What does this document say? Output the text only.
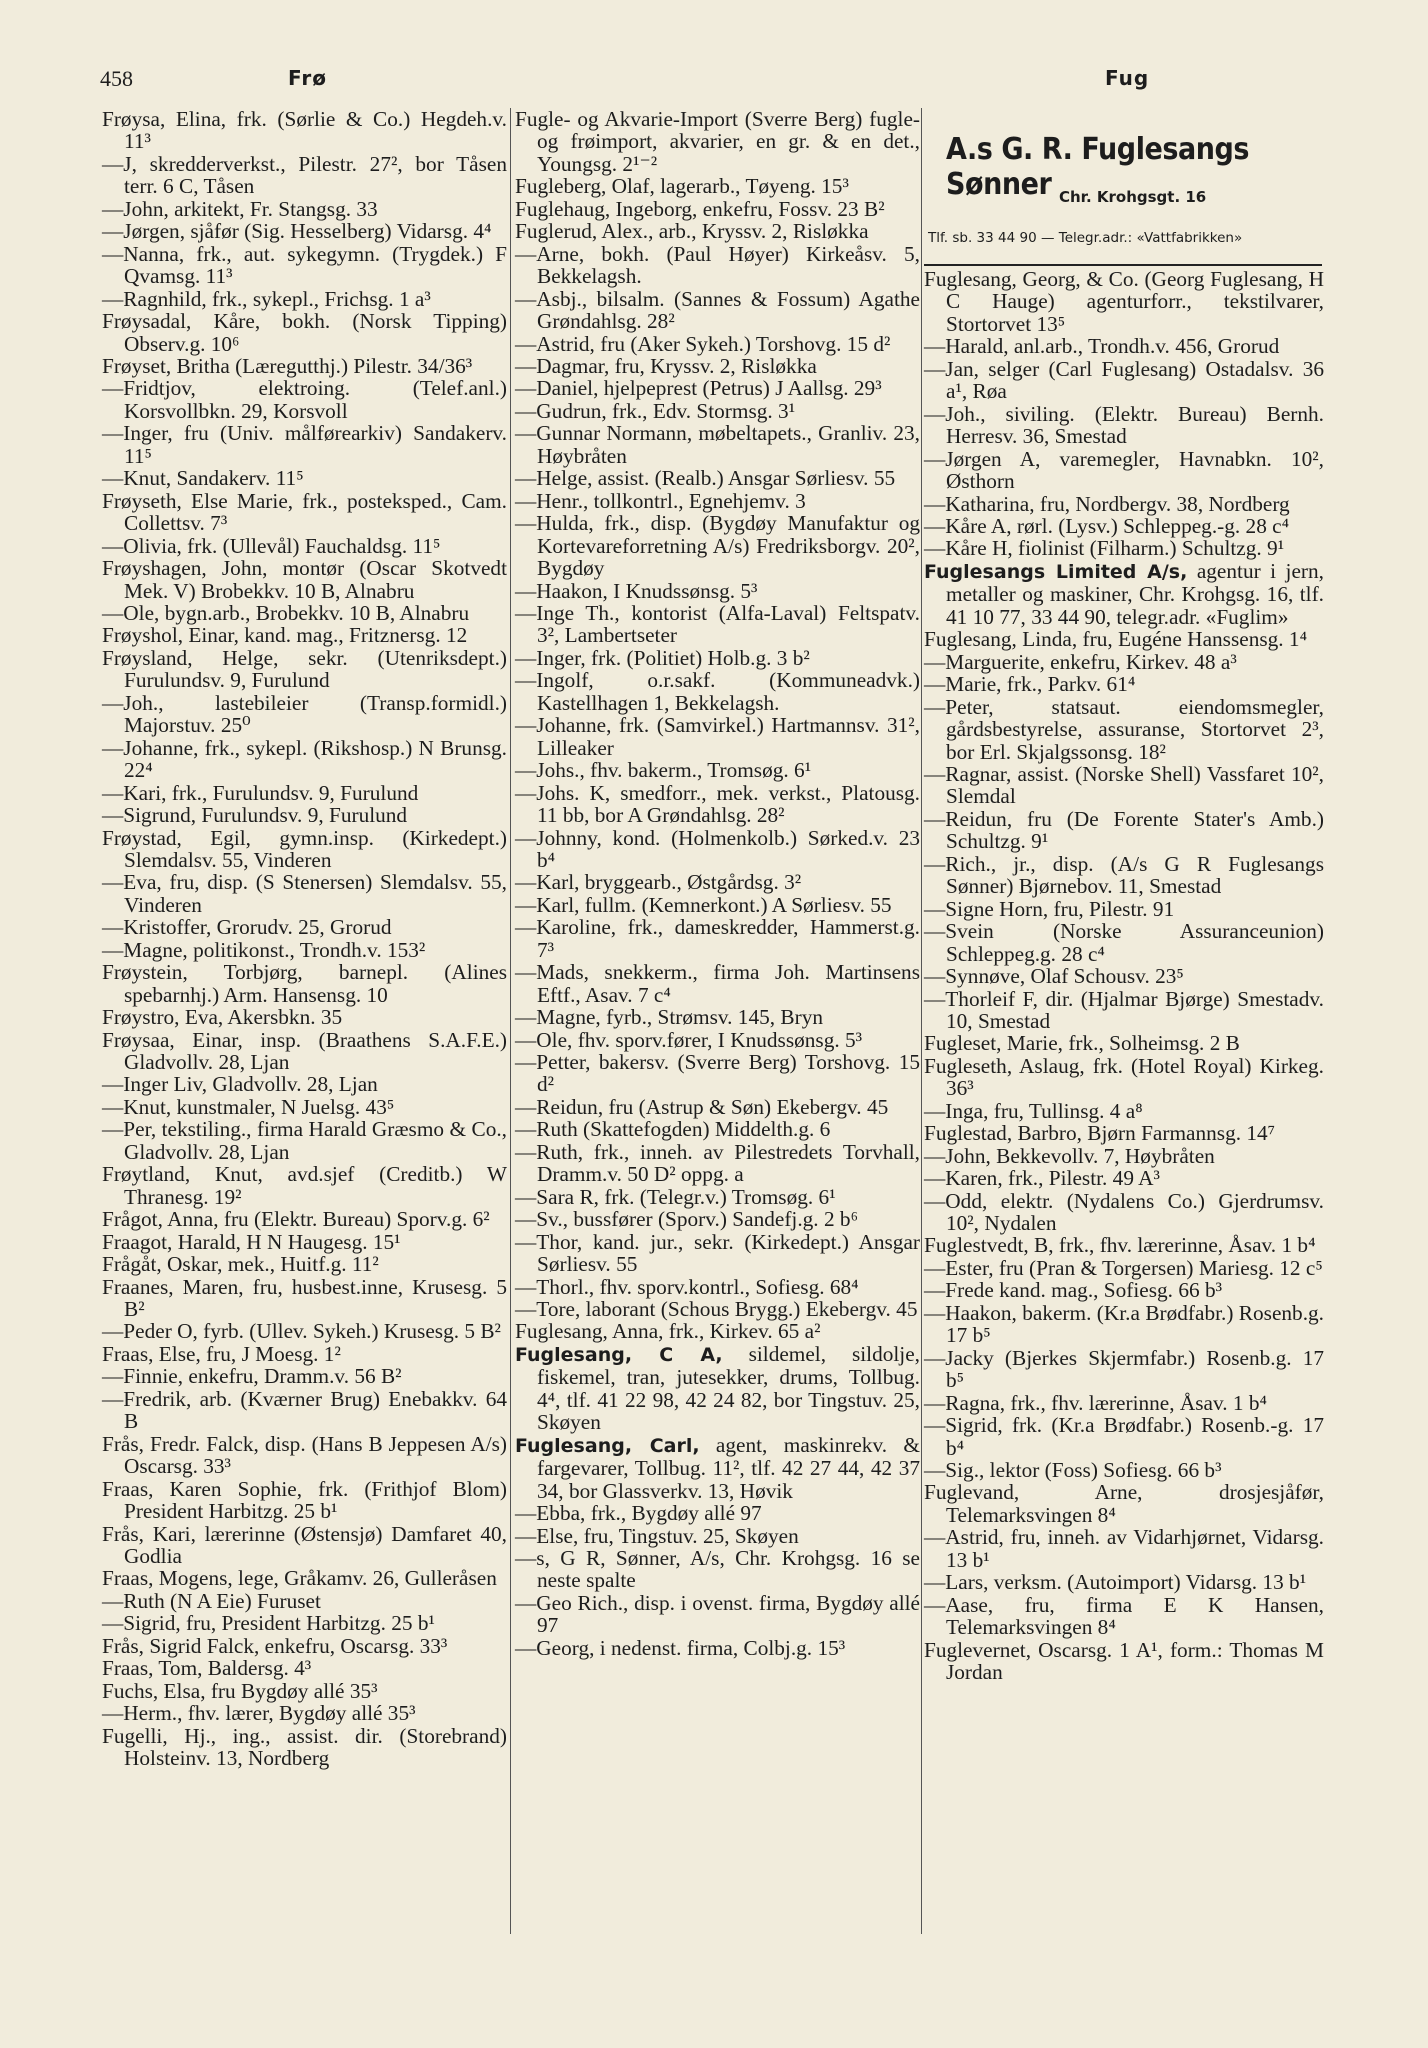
458	Frø	Fug
Frøysa, Elina, frk. (Sørlie & Co.) Hegdeh.v. 11³
—J, skredderverkst., Pilestr. 27², bor Tåsen terr. 6 C, Tåsen
—John, arkitekt, Fr. Stangsg. 33
—Jørgen, sjåfør (Sig. Hesselberg) Vidarsg. 4⁴
—Nanna, frk., aut. sykegymn. (Trygdek.) F Qvamsg. 11³
—Ragnhild, frk., sykepl., Frichsg. 1 a³
Frøysadal, Kåre, bokh. (Norsk Tipping) Observ.g. 10⁶
Frøyset, Britha (Læregutthj.) Pilestr. 34/36³
—Fridtjov, elektroing. (Telef.anl.) Korsvollbkn. 29, Korsvoll
—Inger, fru (Univ. målførearkiv) Sandakerv. 11⁵
—Knut, Sandakerv. 11⁵
Frøyseth, Else Marie, frk., posteksped., Cam. Collettsv. 7³
—Olivia, frk. (Ullevål) Fauchaldsg. 11⁵
Frøyshagen, John, montør (Oscar Skotvedt Mek. V) Brobekkv. 10 B, Alnabru
—Ole, bygn.arb., Brobekkv. 10 B, Alnabru
Frøyshol, Einar, kand. mag., Fritznersg. 12
Frøysland, Helge, sekr. (Utenriksdept.) Furulundsv. 9, Furulund
—Joh., lastebileier (Transp.formidl.) Majorstuv. 25⁰
—Johanne, frk., sykepl. (Rikshosp.) N Brunsg. 22⁴
—Kari, frk., Furulundsv. 9, Furulund
—Sigrund, Furulundsv. 9, Furulund
Frøystad, Egil, gymn.insp. (Kirkedept.) Slemdalsv. 55, Vinderen
—Eva, fru, disp. (S Stenersen) Slemdalsv. 55, Vinderen
—Kristoffer, Grorudv. 25, Grorud
—Magne, politikonst., Trondh.v. 153²
Frøystein, Torbjørg, barnepl. (Alines spebarnhj.) Arm. Hansensg. 10
Frøystro, Eva, Akersbkn. 35
Frøysaa, Einar, insp. (Braathens S.A.F.E.) Gladvollv. 28, Ljan
—Inger Liv, Gladvollv. 28, Ljan
—Knut, kunstmaler, N Juelsg. 43⁵
—Per, tekstiling., firma Harald Græsmo & Co., Gladvollv. 28, Ljan
Frøytland, Knut, avd.sjef (Creditb.) W Thranesg. 19²
Frågot, Anna, fru (Elektr. Bureau) Sporv.g. 6²
Fraagot, Harald, H N Haugesg. 15¹
Frågåt, Oskar, mek., Huitf.g. 11²
Fraanes, Maren, fru, husbest.inne, Krusesg. 5 B²
—Peder O, fyrb. (Ullev. Sykeh.) Krusesg. 5 B²
Fraas, Else, fru, J Moesg. 1²
—Finnie, enkefru, Dramm.v. 56 B²
—Fredrik, arb. (Kværner Brug) Enebakkv. 64 B
Frås, Fredr. Falck, disp. (Hans B Jeppesen A/s) Oscarsg. 33³
Fraas, Karen Sophie, frk. (Frithjof Blom) President Harbitzg. 25 b¹
Frås, Kari, lærerinne (Østensjø) Damfaret 40, Godlia
Fraas, Mogens, lege, Gråkamv. 26, Gulleråsen
—Ruth (N A Eie) Furuset
—Sigrid, fru, President Harbitzg. 25 b¹
Frås, Sigrid Falck, enkefru, Oscarsg. 33³
Fraas, Tom, Baldersg. 4³
Fuchs, Elsa, fru Bygdøy allé 35³
—Herm., fhv. lærer, Bygdøy allé 35³
Fugelli, Hj., ing., assist. dir. (Storebrand) Holsteinv. 13, Nordberg
Fugle- og Akvarie-Import (Sverre Berg) fugle- og frøimport, akvarier, en gr. & en det., Youngsg. 2¹⁻²
Fugleberg, Olaf, lagerarb., Tøyeng. 15³
Fuglehaug, Ingeborg, enkefru, Fossv. 23 B²
Fuglerud, Alex., arb., Kryssv. 2, Risløkka
—Arne, bokh. (Paul Høyer) Kirkeåsv. 5, Bekkelagsh.
—Asbj., bilsalm. (Sannes & Fossum) Agathe Grøndahlsg. 28²
—Astrid, fru (Aker Sykeh.) Torshovg. 15 d²
—Dagmar, fru, Kryssv. 2, Risløkka
—Daniel, hjelpeprest (Petrus) J Aallsg. 29³
—Gudrun, frk., Edv. Stormsg. 3¹
—Gunnar Normann, møbeltapets., Granliv. 23, Høybråten
—Helge, assist. (Realb.) Ansgar Sørliesv. 55
—Henr., tollkontrl., Egnehjemv. 3
—Hulda, frk., disp. (Bygdøy Manufaktur og Kortevareforretning A/s) Fredriksborgv. 20², Bygdøy
—Haakon, I Knudssønsg. 5³
—Inge Th., kontorist (Alfa-Laval) Feltspatv. 3², Lambertseter
—Inger, frk. (Politiet) Holb.g. 3 b²
—Ingolf, o.r.sakf. (Kommuneadvk.) Kastellhagen 1, Bekkelagsh.
—Johanne, frk. (Samvirkel.) Hartmannsv. 31², Lilleaker
—Johs., fhv. bakerm., Tromsøg. 6¹
—Johs. K, smedforr., mek. verkst., Platousg. 11 bb, bor A Grøndahlsg. 28²
—Johnny, kond. (Holmenkolb.) Sørked.v. 23 b⁴
—Karl, bryggearb., Østgårdsg. 3²
—Karl, fullm. (Kemnerkont.) A Sørliesv. 55
—Karoline, frk., dameskredder, Hammerst.g. 7³
—Mads, snekkerm., firma Joh. Martinsens Eftf., Asav. 7 c⁴
—Magne, fyrb., Strømsv. 145, Bryn
—Ole, fhv. sporv.fører, I Knudssønsg. 5³
—Petter, bakersv. (Sverre Berg) Torshovg. 15 d²
—Reidun, fru (Astrup & Søn) Ekebergv. 45
—Ruth (Skattefogden) Middelth.g. 6
—Ruth, frk., inneh. av Pilestredets Torvhall, Dramm.v. 50 D² oppg. a
—Sara R, frk. (Telegr.v.) Tromsøg. 6¹
—Sv., bussfører (Sporv.) Sandefj.g. 2 b⁶
—Thor, kand. jur., sekr. (Kirkedept.) Ansgar Sørliesv. 55
—Thorl., fhv. sporv.kontrl., Sofiesg. 68⁴
—Tore, laborant (Schous Brygg.) Ekebergv. 45
Fuglesang, Anna, frk., Kirkev. 65 a²
Fuglesang, C A, sildemel, sildolje, fiskemel, tran, jutesekker, drums, Tollbug. 4⁴, tlf. 41 22 98, 42 24 82, bor Tingstuv. 25, Skøyen
Fuglesang, Carl, agent, maskinrekv. & fargevarer, Tollbug. 11², tlf. 42 27 44, 42 37 34, bor Glassverkv. 13, Høvik
—Ebba, frk., Bygdøy allé 97
—Else, fru, Tingstuv. 25, Skøyen
—s, G R, Sønner, A/s, Chr. Krohgsg. 16 se neste spalte
—Geo Rich., disp. i ovenst. firma, Bygdøy allé 97
—Georg, i nedenst. firma, Colbj.g. 15³
A.s G. R. Fuglesangs Sønner Chr. Krohgsgt. 16
Tlf. sb. 33 44 90 — Telegr.adr.: «Vattfabrikken»
Fuglesang, Georg, & Co. (Georg Fuglesang, H C Hauge) agenturforr., tekstilvarer, Stortorvet 13⁵
—Harald, anl.arb., Trondh.v. 456, Grorud
—Jan, selger (Carl Fuglesang) Ostadalsv. 36 a¹, Røa
—Joh., siviling. (Elektr. Bureau) Bernh. Herresv. 36, Smestad
—Jørgen A, varemegler, Havnabkn. 10², Østhorn
—Katharina, fru, Nordbergv. 38, Nordberg
—Kåre A, rørl. (Lysv.) Schleppeg.-g. 28 c⁴
—Kåre H, fiolinist (Filharm.) Schultzg. 9¹
Fuglesangs Limited A/s, agentur i jern, metaller og maskiner, Chr. Krohgsg. 16, tlf. 41 10 77, 33 44 90, telegr.adr. «Fuglim»
Fuglesang, Linda, fru, Eugéne Hanssensg. 1⁴
—Marguerite, enkefru, Kirkev. 48 a³
—Marie, frk., Parkv. 61⁴
—Peter, statsaut. eiendomsmegler, gårdsbestyrelse, assuranse, Stortorvet 2³, bor Erl. Skjalgssonsg. 18²
—Ragnar, assist. (Norske Shell) Vassfaret 10², Slemdal
—Reidun, fru (De Forente Stater's Amb.) Schultzg. 9¹
—Rich., jr., disp. (A/s G R Fuglesangs Sønner) Bjørnebov. 11, Smestad
—Signe Horn, fru, Pilestr. 91
—Svein (Norske Assuranceunion) Schleppeg.g. 28 c⁴
—Synnøve, Olaf Schousv. 23⁵
—Thorleif F, dir. (Hjalmar Bjørge) Smestadv. 10, Smestad
Fugleset, Marie, frk., Solheimsg. 2 B
Fugleseth, Aslaug, frk. (Hotel Royal) Kirkeg. 36³
—Inga, fru, Tullinsg. 4 a⁸
Fuglestad, Barbro, Bjørn Farmannsg. 14⁷
—John, Bekkevollv. 7, Høybråten
—Karen, frk., Pilestr. 49 A³
—Odd, elektr. (Nydalens Co.) Gjerdrumsv. 10², Nydalen
Fuglestvedt, B, frk., fhv. lærerinne, Åsav. 1 b⁴
—Ester, fru (Pran & Torgersen) Mariesg. 12 c⁵
—Frede kand. mag., Sofiesg. 66 b³
—Haakon, bakerm. (Kr.a Brødfabr.) Rosenb.g. 17 b⁵
—Jacky (Bjerkes Skjermfabr.) Rosenb.g. 17 b⁵
—Ragna, frk., fhv. lærerinne, Åsav. 1 b⁴
—Sigrid, frk. (Kr.a Brødfabr.) Rosenb.-g. 17 b⁴
—Sig., lektor (Foss) Sofiesg. 66 b³
Fuglevand, Arne, drosjesjåfør, Telemarksvingen 8⁴
—Astrid, fru, inneh. av Vidarhjørnet, Vidarsg. 13 b¹
—Lars, verksm. (Autoimport) Vidarsg. 13 b¹
—Aase, fru, firma E K Hansen, Telemarksvingen 8⁴
Fuglevernet, Oscarsg. 1 A¹, form.: Thomas M Jordan
